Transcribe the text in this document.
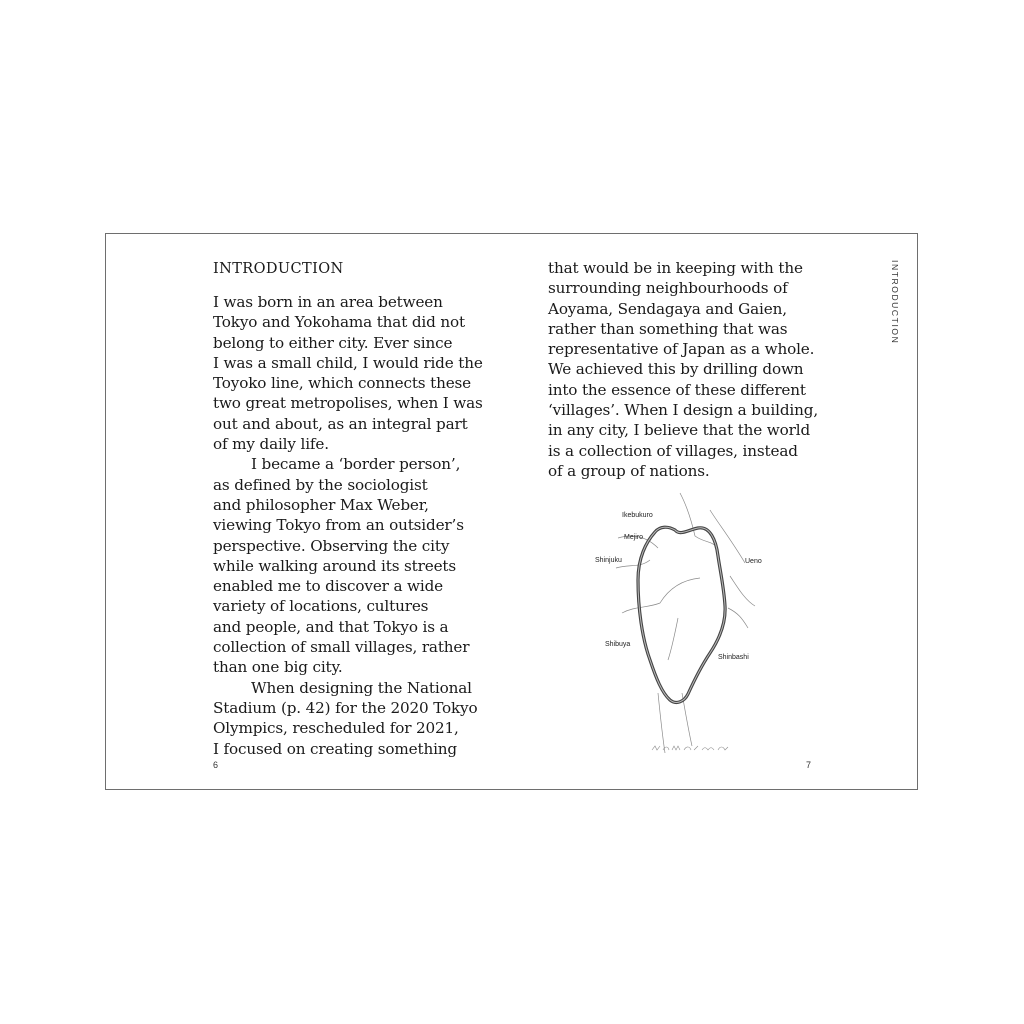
INTRODUCTION
I was born in an area between
Tokyo and Yokohama that did not
belong to either city. Ever since
I was a small child, I would ride the
Toyoko line, which connects these
two great metropolises, when I was
out and about, as an integral part
of my daily life.
I became a ‘border person’,
as defined by the sociologist
and philosopher Max Weber,
viewing Tokyo from an outsider’s
perspective. Observing the city
while walking around its streets
enabled me to discover a wide
variety of locations, cultures
and people, and that Tokyo is a
collection of small villages, rather
than one big city.
When designing the National
Stadium (p. 42) for the 2020 Tokyo
Olympics, rescheduled for 2021,
I focused on creating something
6
that would be in keeping with the
surrounding neighbourhoods of
Aoyama, Sendagaya and Gaien,
rather than something that was
representative of Japan as a whole.
We achieved this by drilling down
into the essence of these different
‘villages’. When I design a building,
in any city, I believe that the world
is a collection of villages, instead
of a group of nations.
INTRODUCTION
Ikebukuro
Mejiro
Shinjuku	Ueno
Shibuya
Shinbashi
7
